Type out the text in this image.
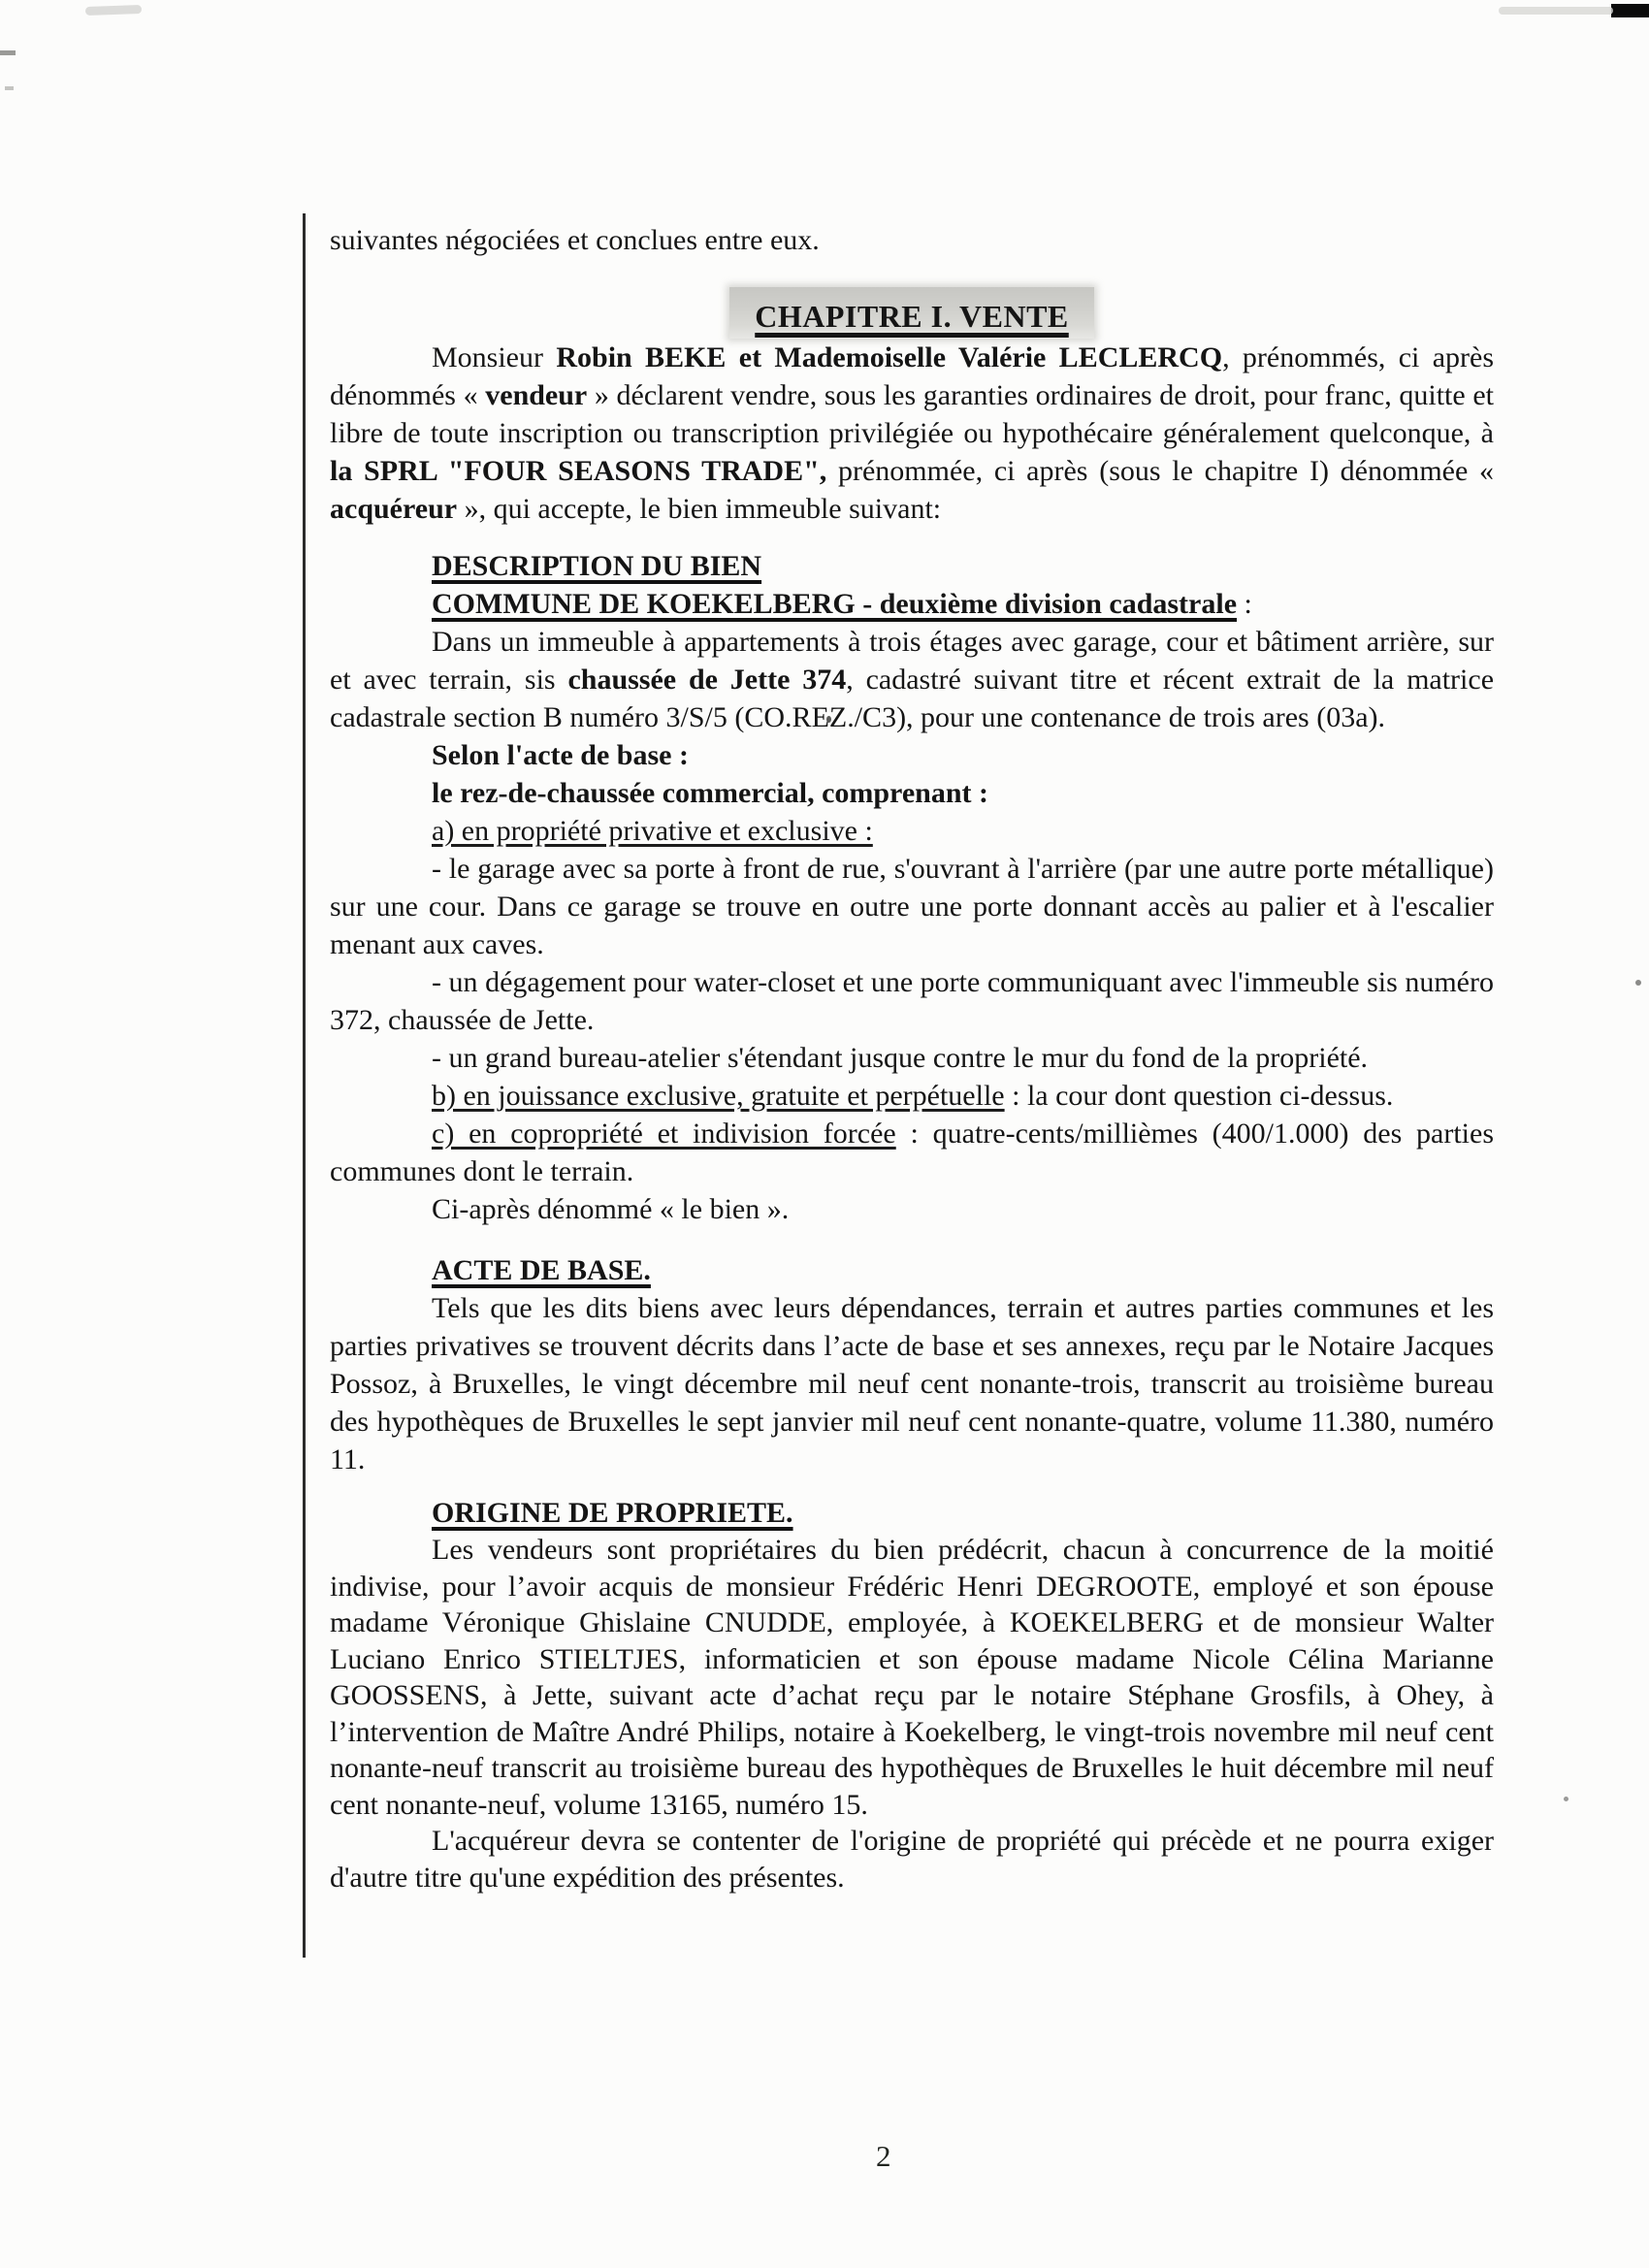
suivantes négociées et conclues entre eux.

CHAPITRE I. VENTE

Monsieur Robin BEKE et Mademoiselle Valérie LECLERCQ, prénommés, ci après dénommés « vendeur » déclarent vendre, sous les garanties ordinaires de droit, pour franc, quitte et libre de toute inscription ou transcription privilégiée ou hypothécaire généralement quelconque, à la SPRL "FOUR SEASONS TRADE", prénommée, ci après (sous le chapitre I) dénommée « acquéreur », qui accepte, le bien immeuble suivant:

DESCRIPTION DU BIEN

COMMUNE DE KOEKELBERG - deuxième division cadastrale :

Dans un immeuble à appartements à trois étages avec garage, cour et bâtiment arrière, sur et avec terrain, sis chaussée de Jette 374, cadastré suivant titre et récent extrait de la matrice cadastrale section B numéro 3/S/5 (CO.REZ./C3), pour une contenance de trois ares (03a).

Selon l'acte de base :

le rez-de-chaussée commercial, comprenant :

a) en propriété privative et exclusive :

- le garage avec sa porte à front de rue, s'ouvrant à l'arrière (par une autre porte métallique) sur une cour. Dans ce garage se trouve en outre une porte donnant accès au palier et à l'escalier menant aux caves.

- un dégagement pour water-closet et une porte communiquant avec l'immeuble sis numéro 372, chaussée de Jette.

- un grand bureau-atelier s'étendant jusque contre le mur du fond de la propriété.

b) en jouissance exclusive, gratuite et perpétuelle : la cour dont question ci-dessus.

c) en copropriété et indivision forcée : quatre-cents/millièmes (400/1.000) des parties communes dont le terrain.

Ci-après dénommé « le bien ».

ACTE DE BASE.

Tels que les dits biens avec leurs dépendances, terrain et autres parties communes et les parties privatives se trouvent décrits dans l’acte de base et ses annexes, reçu par le Notaire Jacques Possoz, à Bruxelles, le vingt décembre mil neuf cent nonante-trois, transcrit au troisième bureau des hypothèques de Bruxelles le sept janvier mil neuf cent nonante-quatre, volume 11.380, numéro 11.

ORIGINE DE PROPRIETE.

Les vendeurs sont propriétaires du bien prédécrit, chacun à concurrence de la moitié indivise, pour l’avoir acquis de monsieur Frédéric Henri DEGROOTE, employé et son épouse madame Véronique Ghislaine CNUDDE, employée, à KOEKELBERG et de monsieur Walter Luciano Enrico STIELTJES, informaticien et son épouse madame Nicole Célina Marianne GOOSSENS, à Jette, suivant acte d’achat reçu par le notaire Stéphane Grosfils, à Ohey, à l’intervention de Maître André Philips, notaire à Koekelberg, le vingt-trois novembre mil neuf cent nonante-neuf transcrit au troisième bureau des hypothèques de Bruxelles le huit décembre mil neuf cent nonante-neuf, volume 13165, numéro 15.

L'acquéreur devra se contenter de l'origine de propriété qui précède et ne pourra exiger d'autre titre qu'une expédition des présentes.

2
